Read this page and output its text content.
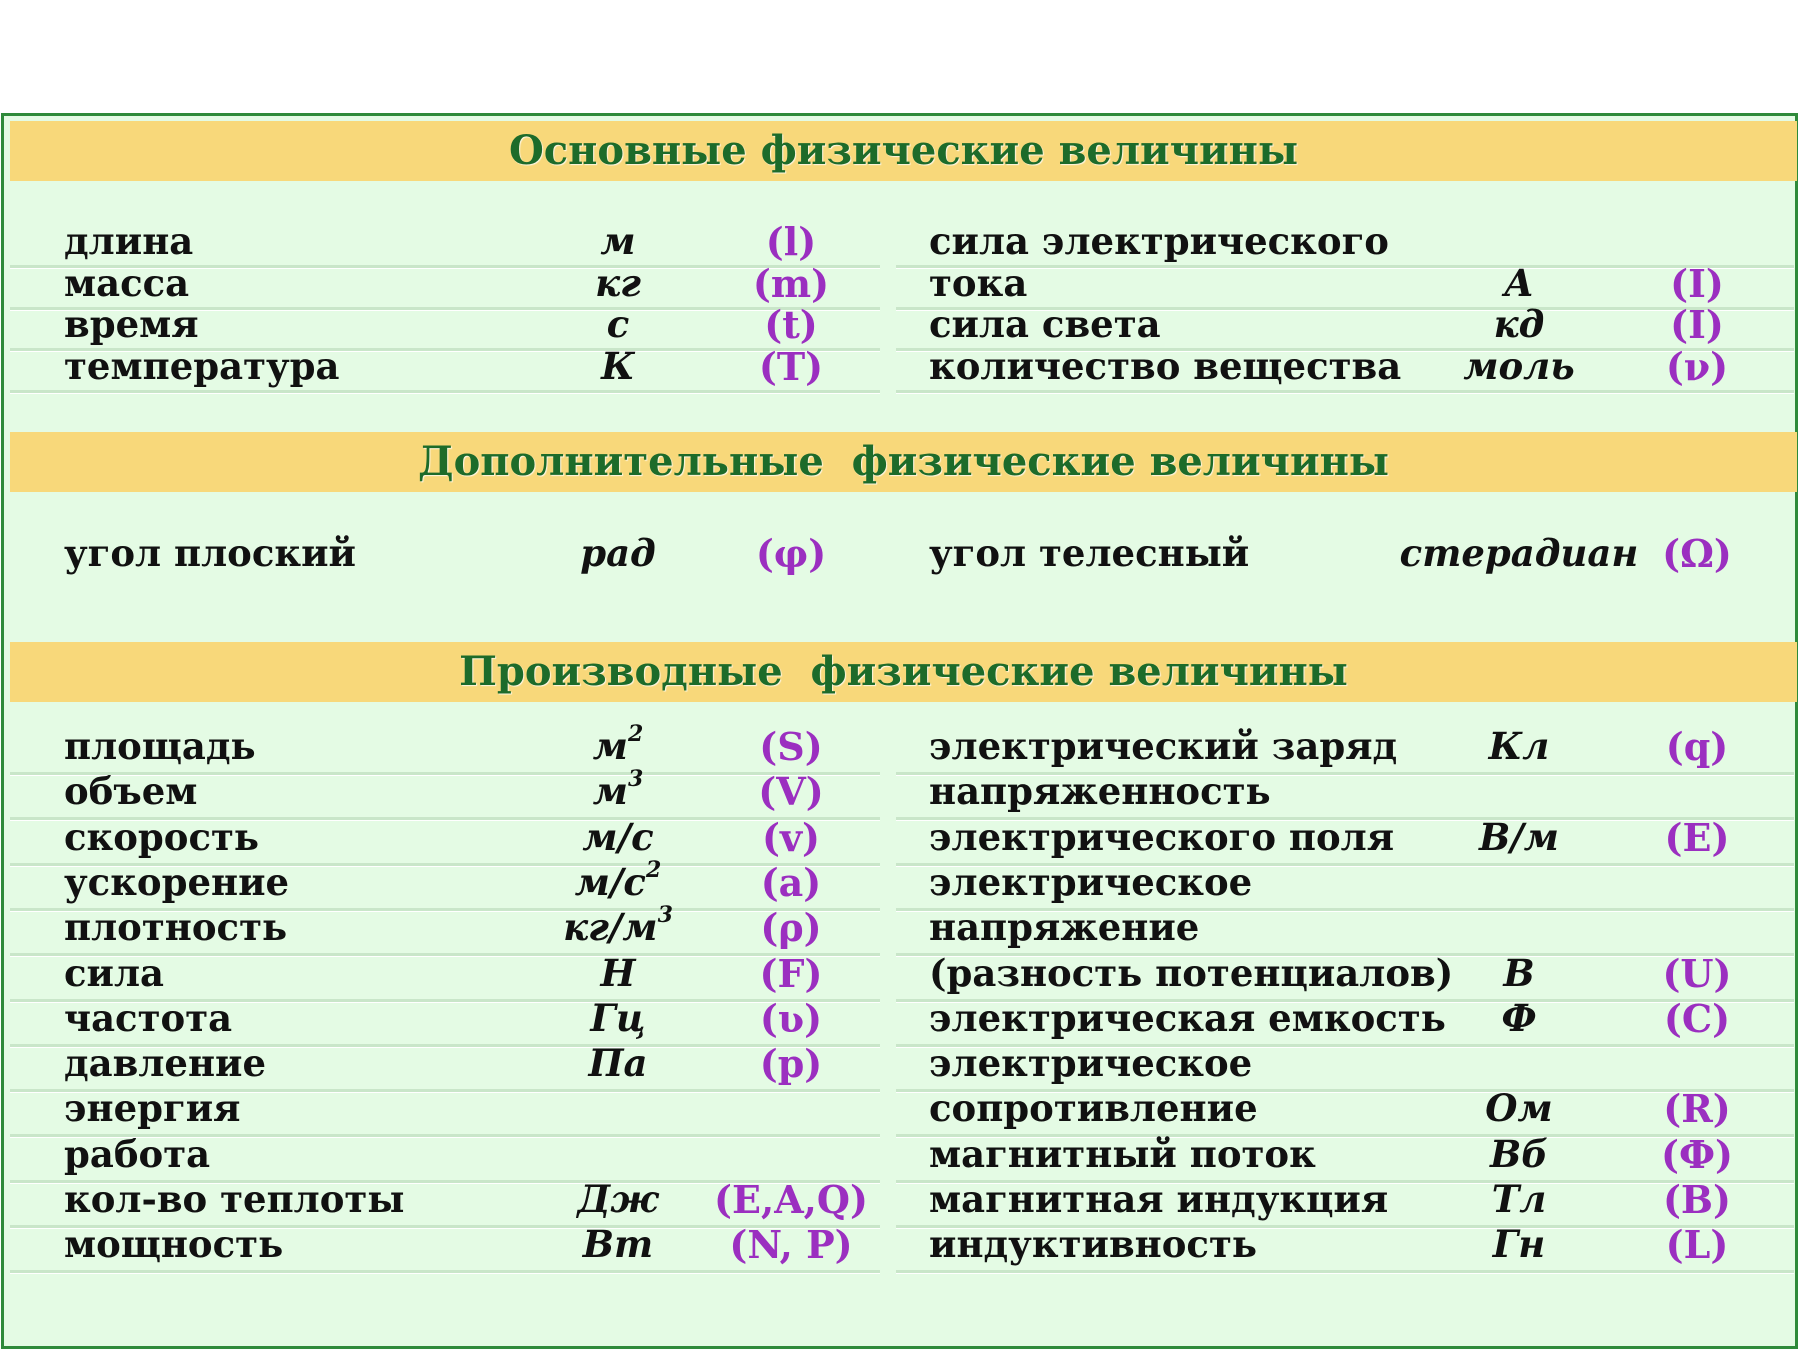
Основные физические величины
длина	м	(l)
масса	кг	(m)
время	с	(t)
температура	К	(T)
сила электрического
тока	А	(I)
сила света	кд	(I)
количество вещества	моль	(ν)
Дополнительные  физические величины
угол плоский	рад	(φ)	угол телесный	стерадиан (Ω)
Производные  физические величины
площадь	$м^2$	(S)
объем	$м^3$	(V)
скорость	м/с	(v)
ускорение	$м/с^2$	(a)
плотность	$кг/м^3$	(ρ)
сила	Н	(F)
частота	Гц	(ʋ)
давление	Па	(p)
энергия
работа
кол-во теплоты	Дж	(E,A,Q)
мощность	Вт	(N, P)
электрический заряд	Кл	(q)
напряженность
электрического поля	В/м	(E)
электрическое
напряжение
(разность потенциалов)	В	(U)
электрическая емкость	Ф	(C)
электрическое
сопротивление	Ом	(R)
магнитный поток	Вб	(Ф)
магнитная индукция	Тл	(B)
индуктивность	Гн	(L)
